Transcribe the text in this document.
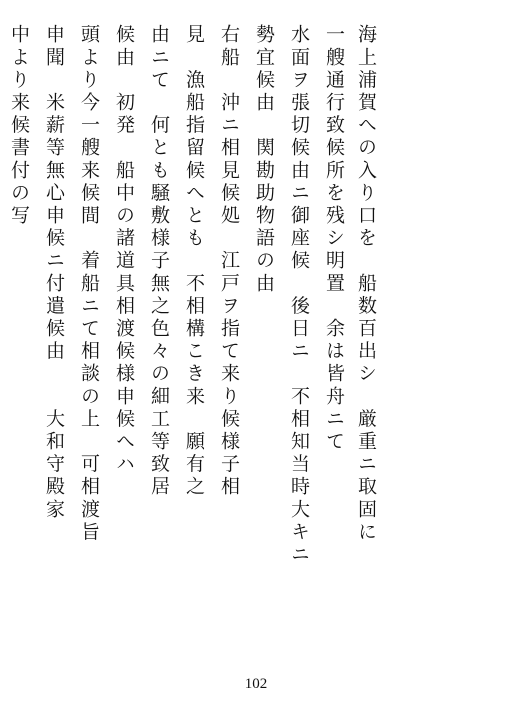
海上浦賀への入り口を　船数百出シ　厳重ニ取固に
一艘通行致候所を残シ明置　余は皆舟ニて
水面ヲ張切候由ニ御座候　後日ニ　不相知当時大キニ
勢宜候由　関勘助物語の由
右船　沖ニ相見候処　江戸ヲ指て来り候様子相
見　漁船指留候へとも　不相構こき来　願有之
由ニて　何とも騒敷様子無之色々の細工等致居
候由　初発　船中の諸道具相渡候様申候へハ
頭より今一艘来候間　着船ニて相談の上　可相渡旨
申聞　米薪等無心申候ニ付遣候由　　大和守殿家
中より来候書付の写
102
